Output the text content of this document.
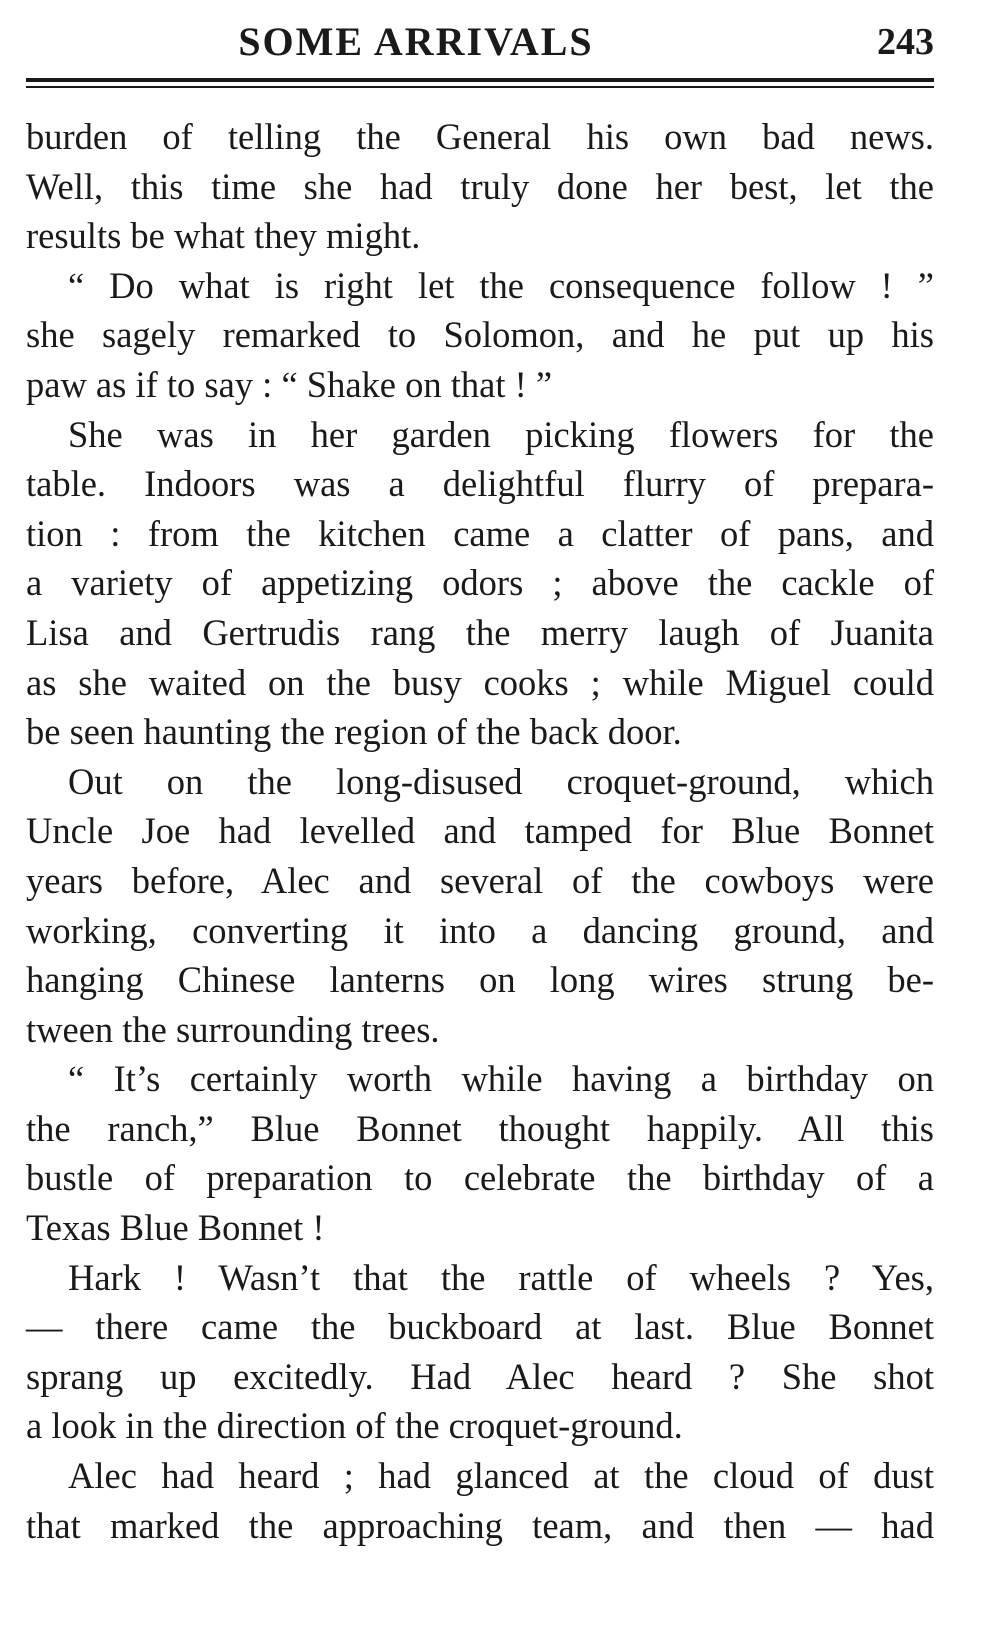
SOME ARRIVALS	243
burden of telling the General his own bad news.
Well, this time she had truly done her best, let the
results be what they might.
“ Do what is right let the consequence follow ! ”
she sagely remarked to Solomon, and he put up his
paw as if to say : “ Shake on that ! ”
She was in her garden picking flowers for the
table. Indoors was a delightful flurry of prepara-
tion : from the kitchen came a clatter of pans, and
a variety of appetizing odors ; above the cackle of
Lisa and Gertrudis rang the merry laugh of Juanita
as she waited on the busy cooks ; while Miguel could
be seen haunting the region of the back door.
Out on the long-disused croquet-ground, which
Uncle Joe had levelled and tamped for Blue Bonnet
years before, Alec and several of the cowboys were
working, converting it into a dancing ground, and
hanging Chinese lanterns on long wires strung be-
tween the surrounding trees.
“ It’s certainly worth while having a birthday on
the ranch,” Blue Bonnet thought happily. All this
bustle of preparation to celebrate the birthday of a
Texas Blue Bonnet !
Hark ! Wasn’t that the rattle of wheels ? Yes,
— there came the buckboard at last. Blue Bonnet
sprang up excitedly. Had Alec heard ? She shot
a look in the direction of the croquet-ground.
Alec had heard ; had glanced at the cloud of dust
that marked the approaching team, and then — had
